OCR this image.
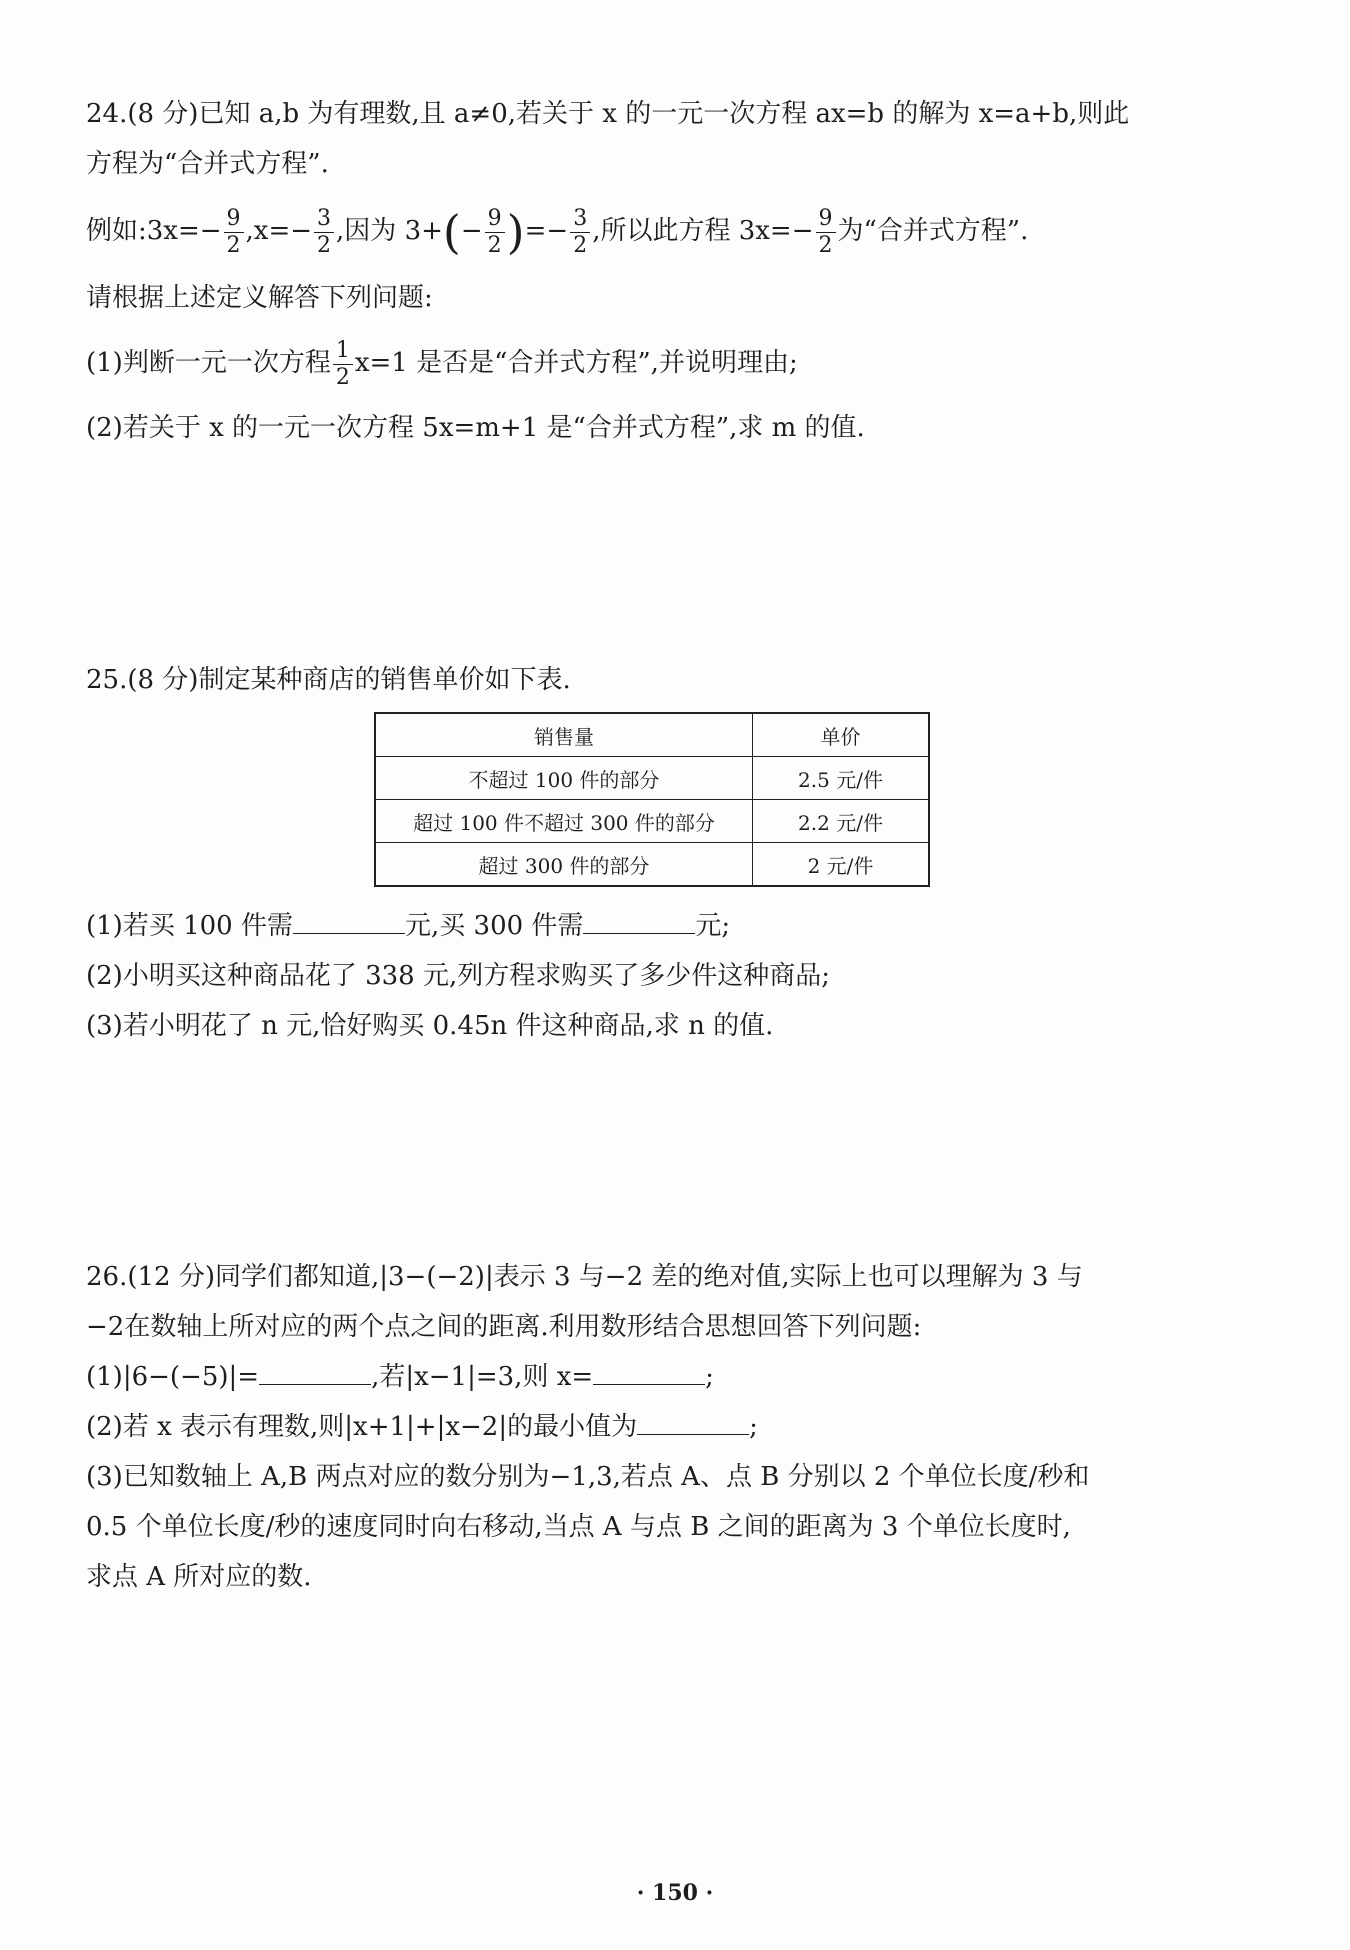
24.(8 分)已知 a,b 为有理数,且 a≠0,若关于 x 的一元一次方程 ax=b 的解为 x=a+b,则此
方程为“合并式方程”.
例如:3x=− $\frac{9}{2} ,x=- \frac{3}{2}$ ,因为 $3+(- \frac{9}{2}$ )=− $\frac{3}{2}$ ,所以此方程 $3x=- \frac{9}{2}$ 为“合并式方程”.
请根据上述定义解答下列问题:
(1)判断一元一次方程 $\frac{1}{2} x=1$ 是否是“合并式方程”,并说明理由;
(2)若关于 x 的一元一次方程 5x=m+1 是“合并式方程”,求 m 的值.
25.(8 分)制定某种商店的销售单价如下表.
销售量	单价
不超过 100 件的部分	2.5 元/件
超过 100 件不超过 300 件的部分	2.2 元/件
超过 300 件的部分	2 元/件
(1)若买 100 件需	元,买 300 件需	元;
(2)小明买这种商品花了 338 元,列方程求购买了多少件这种商品;
(3)若小明花了 n 元,恰好购买 0.45n 件这种商品,求 n 的值.
26.(12 分)同学们都知道,|3−(−2)|表示 3 与−2 差的绝对值,实际上也可以理解为 3 与
−2在数轴上所对应的两个点之间的距离.利用数形结合思想回答下列问题:
(1)|6−(−5)|=	,若|x−1|=3,则 x=	;
(2)若 x 表示有理数,则|x+1|+|x−2|的最小值为	;
(3)已知数轴上 A,B 两点对应的数分别为−1,3,若点 A、点 B 分别以 2 个单位长度/秒和
0.5 个单位长度/秒的速度同时向右移动,当点 A 与点 B 之间的距离为 3 个单位长度时,
求点 A 所对应的数.
· 150 ·
